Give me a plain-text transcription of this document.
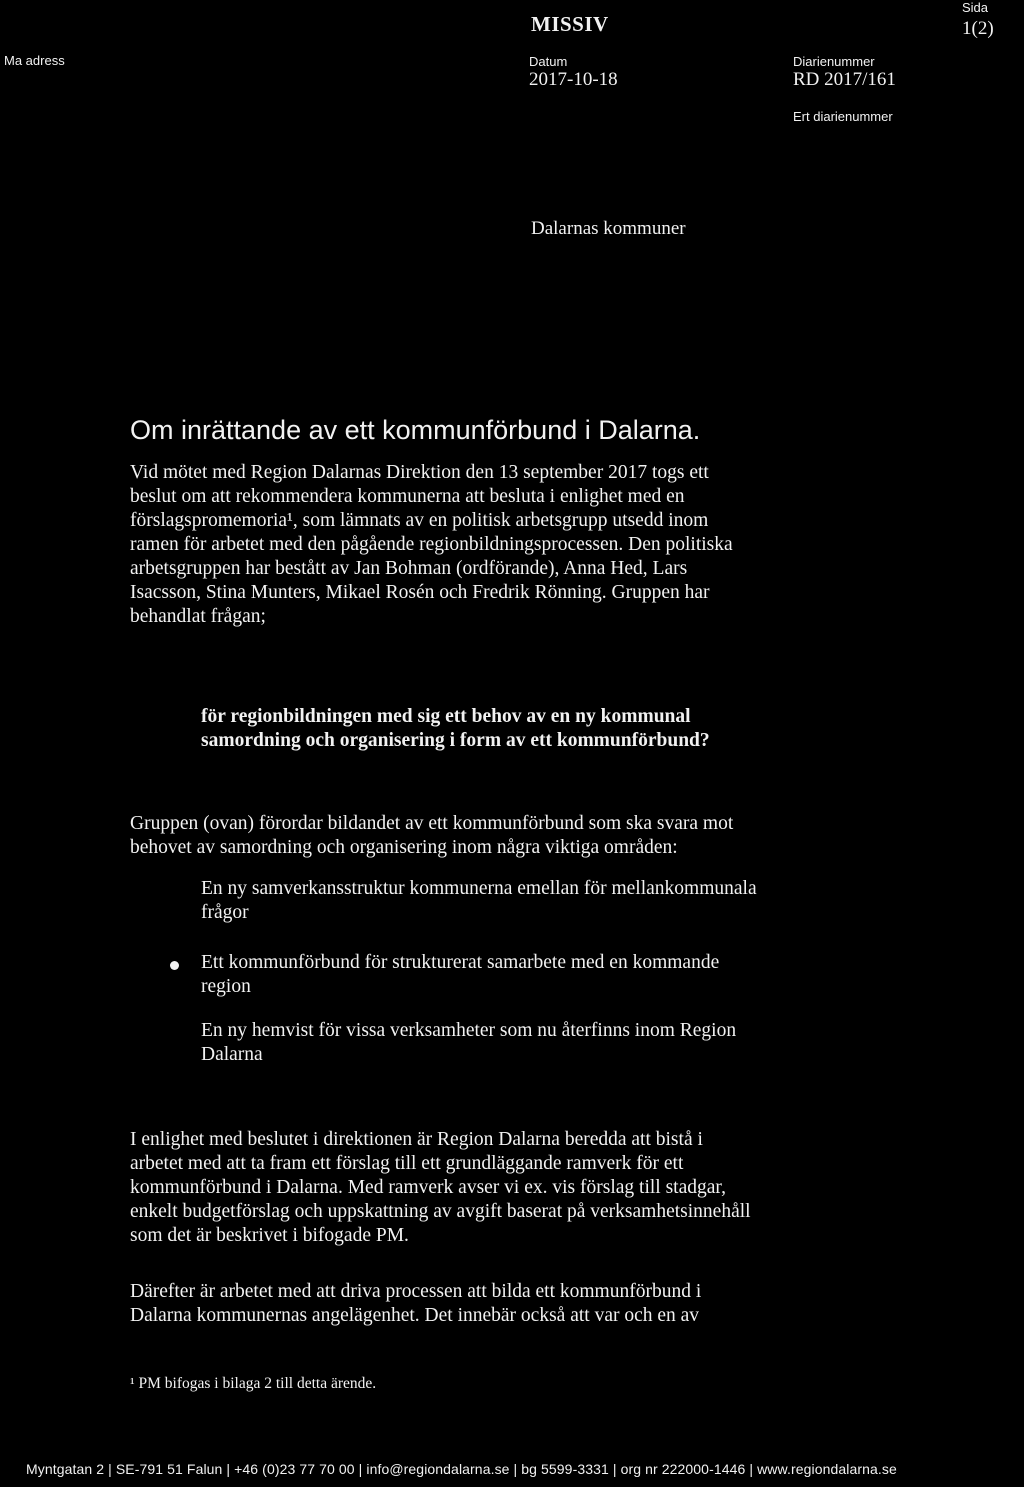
MISSIV
Sida
1(2)
Ma adress	Datum
2017-10-18
Diarienummer
RD 2017/161
Ert diarienummer
Dalarnas kommuner
Om inrättande av ett kommunförbund i Dalarna.

Vid mötet med Region Dalarnas Direktion den 13 september 2017 togs ett
beslut om att rekommendera kommunerna att besluta i enlighet med en
förslagspromemoria¹, som lämnats av en politisk arbetsgrupp utsedd inom
ramen för arbetet med den pågående regionbildningsprocessen. Den politiska
arbetsgruppen har bestått av Jan Bohman (ordförande), Anna Hed, Lars
Isacsson, Stina Munters, Mikael Rosén och Fredrik Rönning. Gruppen har
behandlat frågan;

för regionbildningen med sig ett behov av en ny kommunal
samordning och organisering i form av ett kommunförbund?

Gruppen (ovan) förordar bildandet av ett kommunförbund som ska svara mot
behovet av samordning och organisering inom några viktiga områden:

En ny samverkansstruktur kommunerna emellan för mellankommunala
frågor
Ett kommunförbund för strukturerat samarbete med en kommande
region
En ny hemvist för vissa verksamheter som nu återfinns inom Region
Dalarna

I enlighet med beslutet i direktionen är Region Dalarna beredda att bistå i
arbetet med att ta fram ett förslag till ett grundläggande ramverk för ett
kommunförbund i Dalarna. Med ramverk avser vi ex. vis förslag till stadgar,
enkelt budgetförslag och uppskattning av avgift baserat på verksamhetsinnehåll
som det är beskrivet i bifogade PM.

Därefter är arbetet med att driva processen att bilda ett kommunförbund i
Dalarna kommunernas angelägenhet. Det innebär också att var och en av

¹ PM bifogas i bilaga 2 till detta ärende.
Myntgatan 2 | SE-791 51 Falun | +46 (0)23 77 70 00 | info@regiondalarna.se | bg 5599-3331 | org nr 222000-1446 | www.regiondalarna.se
